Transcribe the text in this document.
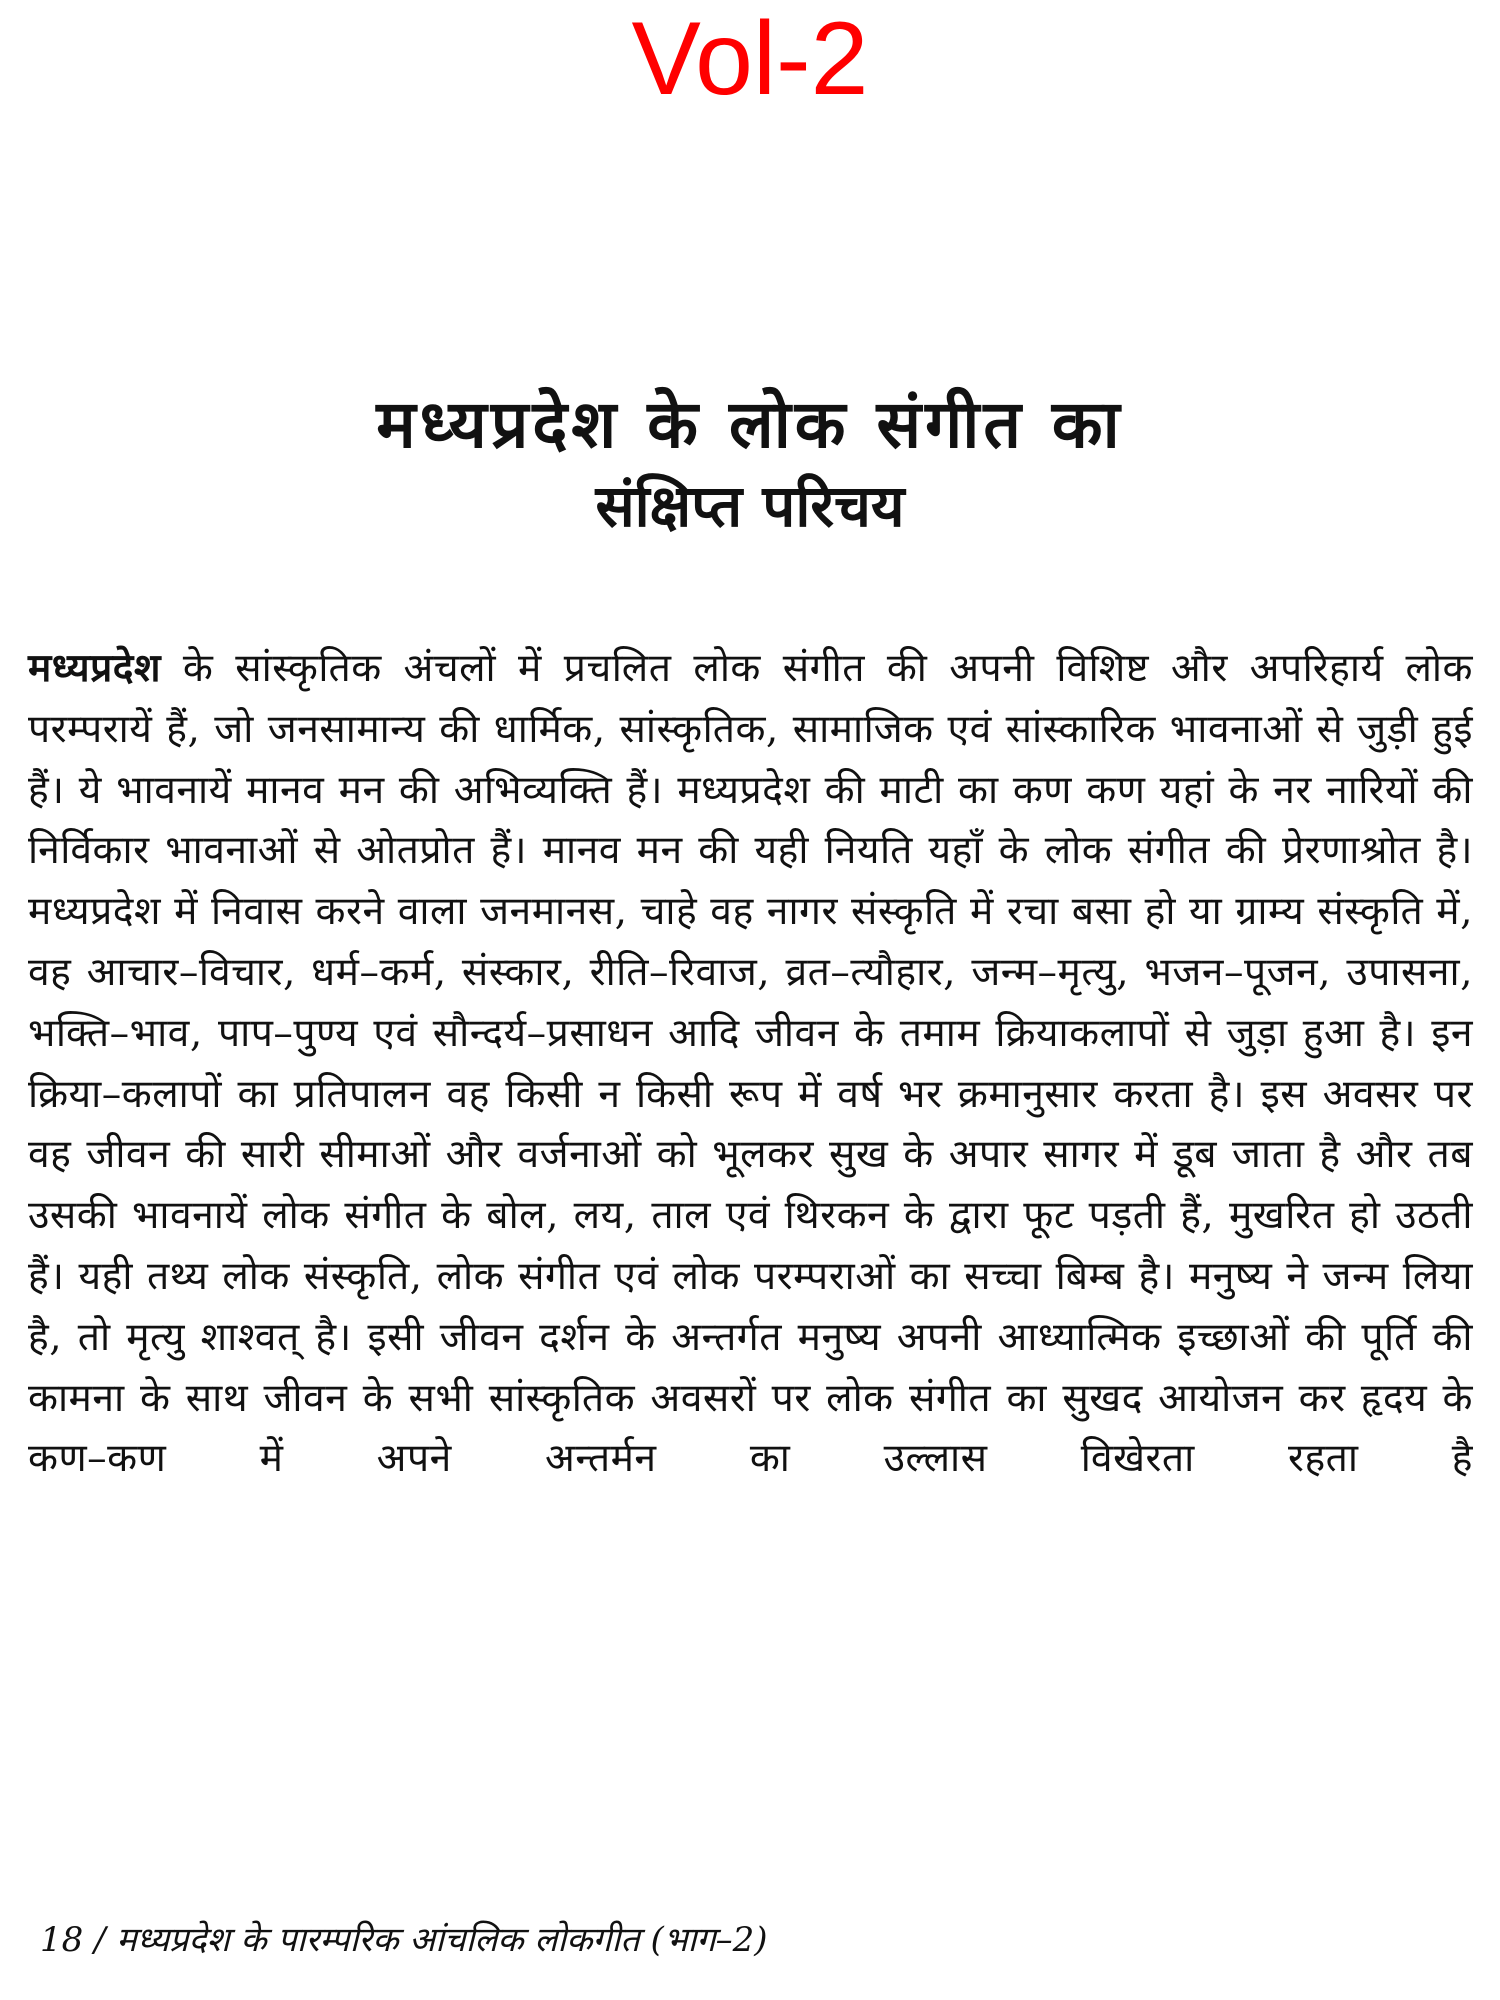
Vol-2
मध्यप्रदेश के लोक संगीत का
संक्षिप्त परिचय
मध्यप्रदेश के सांस्कृतिक अंचलों में प्रचलित लोक संगीत की अपनी विशिष्ट और अपरिहार्य लोक परम्परायें हैं, जो जनसामान्य की धार्मिक, सांस्कृतिक, सामाजिक एवं सांस्कारिक भावनाओं से जुड़ी हुई हैं। ये भावनायें मानव मन की अभिव्यक्ति हैं। मध्यप्रदेश की माटी का कण कण यहां के नर नारियों की निर्विकार भावनाओं से ओतप्रोत हैं। मानव मन की यही नियति यहाँ के लोक संगीत की प्रेरणाश्रोत है। मध्यप्रदेश में निवास करने वाला जनमानस, चाहे वह नागर संस्कृति में रचा बसा हो या ग्राम्य संस्कृति में, वह आचार–विचार, धर्म–कर्म, संस्कार, रीति–रिवाज, व्रत–त्यौहार, जन्म–मृत्यु, भजन–पूजन, उपासना, भक्ति–भाव, पाप–पुण्य एवं सौन्दर्य–प्रसाधन आदि जीवन के तमाम क्रियाकलापों से जुड़ा हुआ है। इन क्रिया–कलापों का प्रतिपालन वह किसी न किसी रूप में वर्ष भर क्रमानुसार करता है। इस अवसर पर वह जीवन की सारी सीमाओं और वर्जनाओं को भूलकर सुख के अपार सागर में डूब जाता है और तब उसकी भावनायें लोक संगीत के बोल, लय, ताल एवं थिरकन के द्वारा फूट पड़ती हैं, मुखरित हो उठती हैं। यही तथ्य लोक संस्कृति, लोक संगीत एवं लोक परम्पराओं का सच्चा बिम्ब है। मनुष्य ने जन्म लिया है, तो मृत्यु शाश्वत् है। इसी जीवन दर्शन के अन्तर्गत मनुष्य अपनी आध्यात्मिक इच्छाओं की पूर्ति की कामना के साथ जीवन के सभी सांस्कृतिक अवसरों पर लोक संगीत का सुखद आयोजन कर हृदय के कण–कण में अपने अन्तर्मन का उल्लास विखेरता रहता है
18 / मध्यप्रदेश के पारम्परिक आंचलिक लोकगीत (भाग–2)
